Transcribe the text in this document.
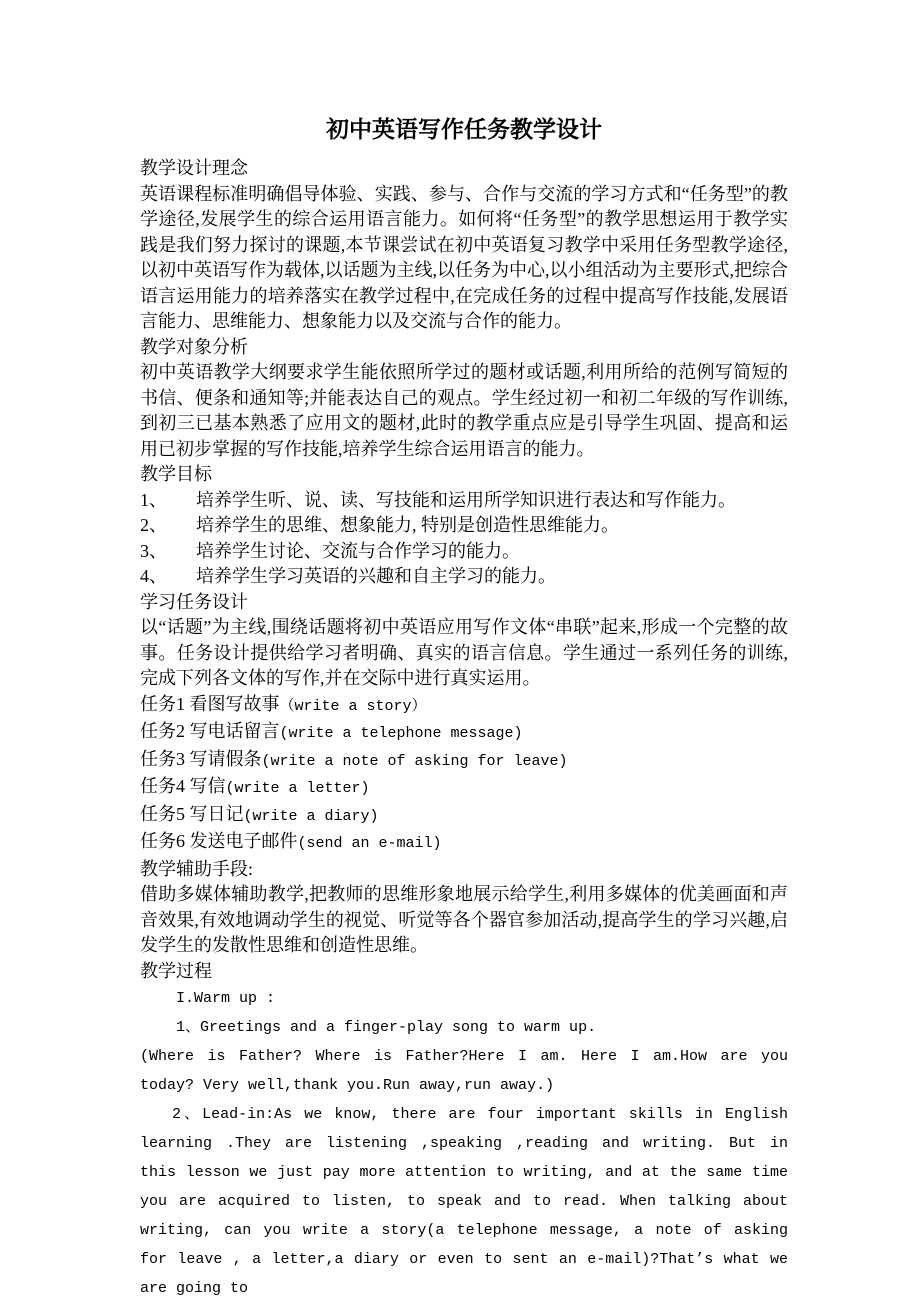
初中英语写作任务教学设计
教学设计理念
英语课程标准明确倡导体验、实践、参与、合作与交流的学习方式和“任务型”的教学途径,发展学生的综合运用语言能力。如何将“任务型”的教学思想运用于教学实践是我们努力探讨的课题,本节课尝试在初中英语复习教学中采用任务型教学途径,以初中英语写作为载体,以话题为主线,以任务为中心,以小组活动为主要形式,把综合语言运用能力的培养落实在教学过程中,在完成任务的过程中提高写作技能,发展语言能力、思维能力、想象能力以及交流与合作的能力。
教学对象分析
初中英语教学大纲要求学生能依照所学过的题材或话题,利用所给的范例写简短的书信、便条和通知等;并能表达自己的观点。学生经过初一和初二年级的写作训练,到初三已基本熟悉了应用文的题材,此时的教学重点应是引导学生巩固、提高和运用已初步掌握的写作技能,培养学生综合运用语言的能力。
教学目标
1、 培养学生听、说、读、写技能和运用所学知识进行表达和写作能力。
2、 培养学生的思维、想象能力, 特别是创造性思维能力。
3、 培养学生讨论、交流与合作学习的能力。
4、 培养学生学习英语的兴趣和自主学习的能力。
学习任务设计
以“话题”为主线,围绕话题将初中英语应用写作文体“串联”起来,形成一个完整的故事。任务设计提供给学习者明确、真实的语言信息。学生通过一系列任务的训练,完成下列各文体的写作,并在交际中进行真实运用。
任务1 看图写故事（write a story）
任务2 写电话留言(write a telephone message)
任务3 写请假条(write a note of asking for leave)
任务4 写信(write a letter)
任务5 写日记(write a diary)
任务6 发送电子邮件(send an e-mail)
教学辅助手段:
借助多媒体辅助教学,把教师的思维形象地展示给学生,利用多媒体的优美画面和声音效果,有效地调动学生的视觉、听觉等各个器官参加活动,提高学生的学习兴趣,启发学生的发散性思维和创造性思维。
教学过程
I.Warm up :
1、Greetings and a finger-play song to warm up.
(Where is Father? Where is Father?Here I am. Here I am.How are you today? Very well,thank you.Run away,run away.)
2、Lead-in:As we know, there are four important skills in English learning .They are listening ,speaking ,reading and writing. But in this lesson we just pay more attention to writing, and at the same time you are acquired to listen, to speak and to read. When talking about writing, can you write a story(a telephone message, a note of asking for leave , a letter,a diary or even to sent an e-mail)?That’s what we are going to
